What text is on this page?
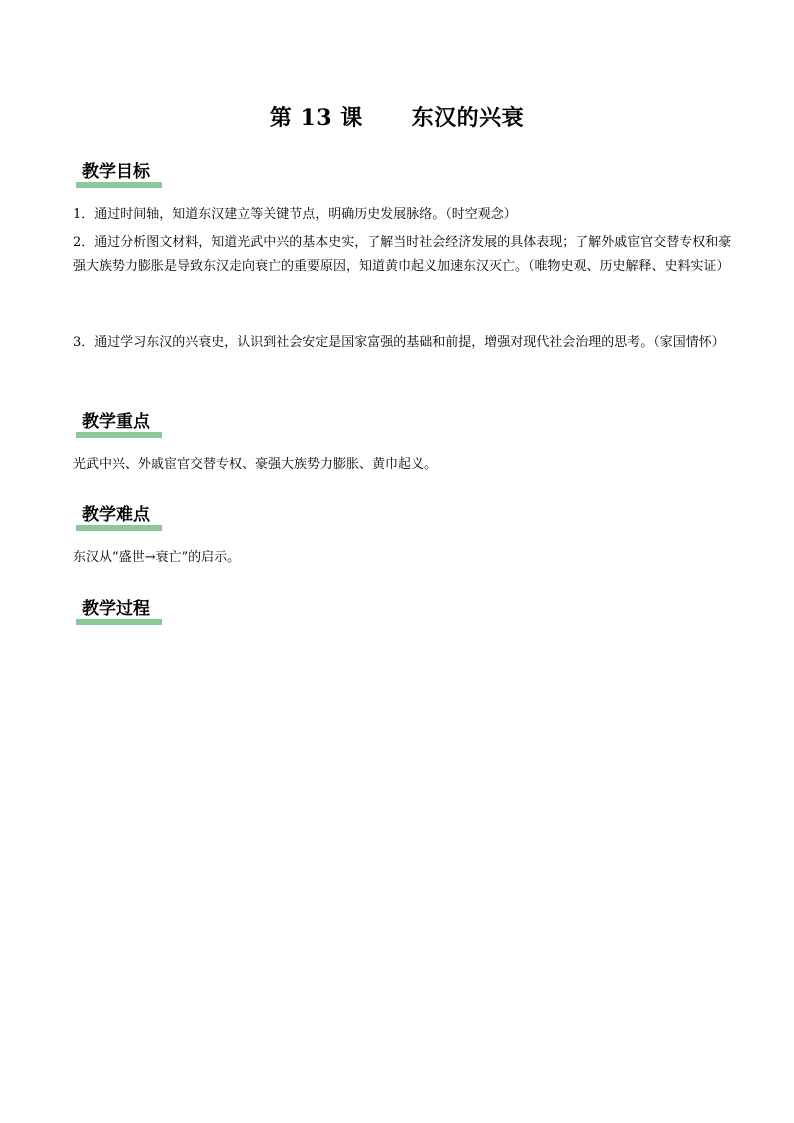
第 13 课      东汉的兴衰
教学目标
1．通过时间轴，知道东汉建立等关键节点，明确历史发展脉络。（时空观念）
2．通过分析图文材料，知道光武中兴的基本史实，了解当时社会经济发展的具体表现；了解外戚宦官交替专权和豪强大族势力膨胀是导致东汉走向衰亡的重要原因，知道黄巾起义加速东汉灭亡。（唯物史观、历史解释、史料实证）
3．通过学习东汉的兴衰史，认识到社会安定是国家富强的基础和前提，增强对现代社会治理的思考。（家国情怀）
教学重点
光武中兴、外戚宦官交替专权、豪强大族势力膨胀、黄巾起义。
教学难点
东汉从“盛世→衰亡”的启示。
教学过程
